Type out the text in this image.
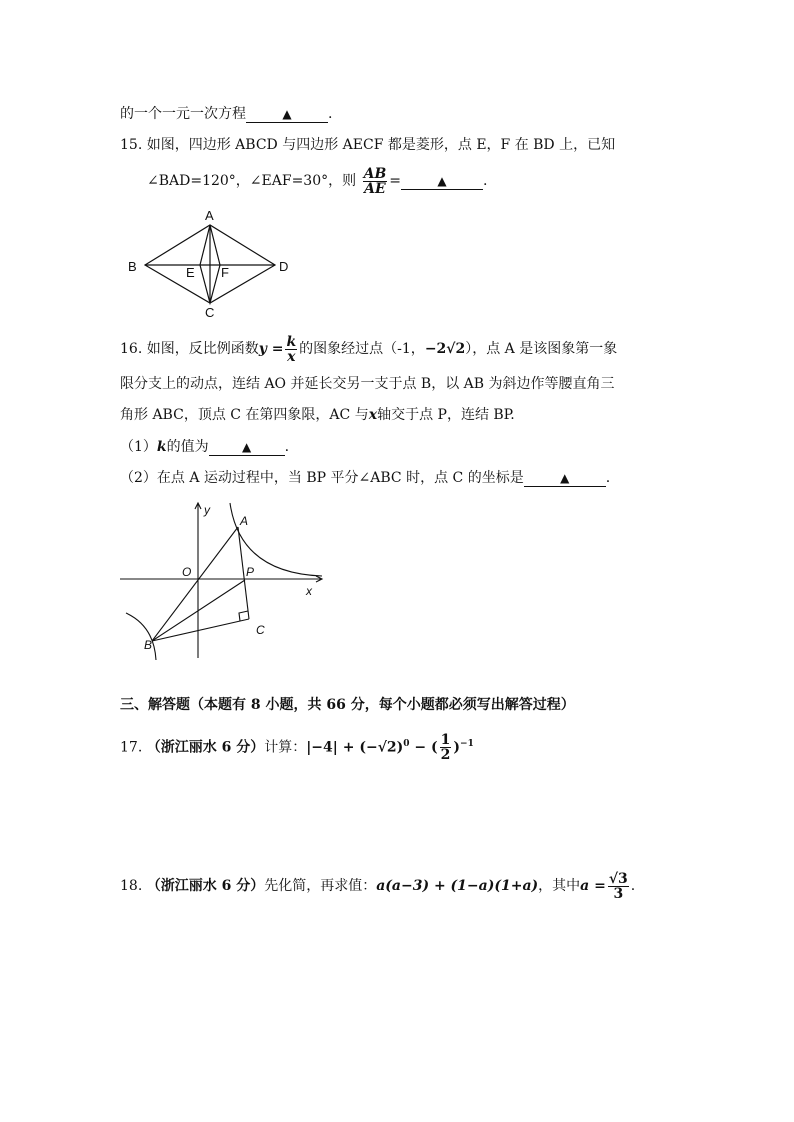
的一个一元一次方程	▲	.
15. 如图，四边形 ABCD 与四边形 AECF 都是菱形，点 E，F 在 BD 上，已知
∠BAD=120°，∠EAF=30°，则 $\frac{AB}{AE}$ =	▲	.
A
B	D
C
E F
16. 如图，反比例函数$y = \frac{k}{x}$ 的图象经过点（-1，−2√2），点 A 是该图象第一象
限分支上的动点，连结 AO 并延长交另一支于点 B，以 AB 为斜边作等腰直角三
角形 ABC，顶点 C 在第四象限，AC 与x轴交于点 P，连结 BP.
（1）k的值为	▲ .
（2）在点 A 运动过程中，当 BP 平分∠ABC 时，点 C 的坐标是	▲	.
y
x
O
A
P
B
C
三、解答题（本题有 8 小题，共 66 分，每个小题都必须写出解答过程）
17. （浙江丽水 6 分）计算：$|-4| + (-√2)^0$ − ( $\frac{1}{2} )^{-1}$
18. （浙江丽水 6 分）先化简，再求值：a(a−3) + (1−a)(1+a)，其中$a = \frac{√3}{3}$ .
